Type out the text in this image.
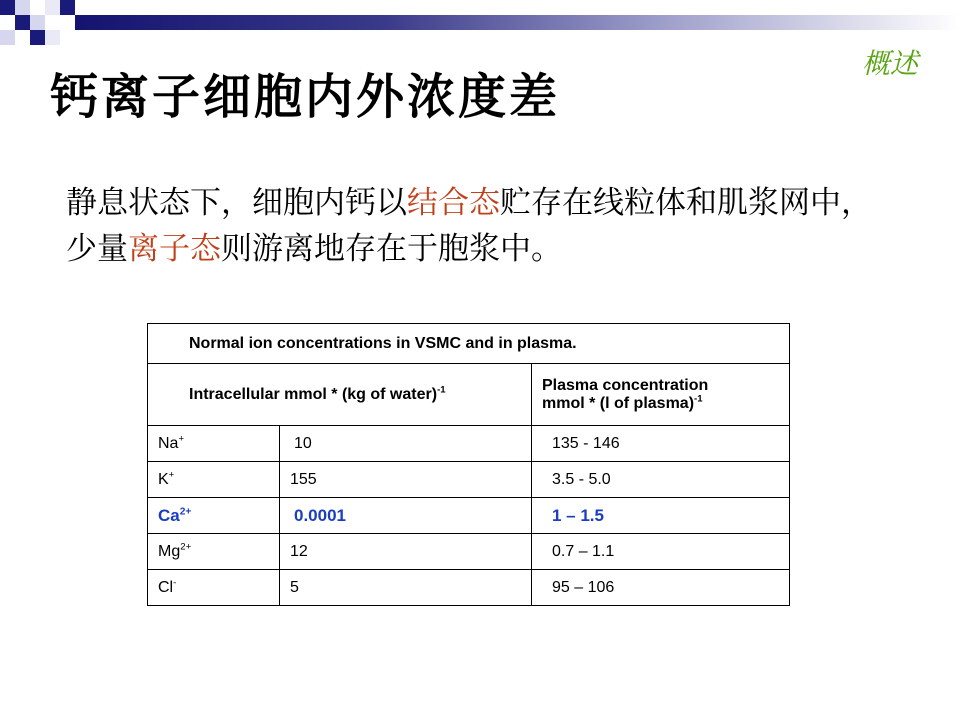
概述
钙离子细胞内外浓度差
静息状态下，细胞内钙以结合态贮存在线粒体和肌浆网中，少量离子态则游离地存在于胞浆中。
Normal ion concentrations in VSMC and in plasma.		
Intracellular mmol * (kg of water)$^{-1}$		Plasma concentration
mmol * (l of plasma)$^{-1}$
Na+	10	135 - 146
K+	155	3.5 - 5.0
$Ca^{2+}$	0.0001	1 – 1.5
$Mg^{2+}$	12	0.7 – 1.1
Cl-	5	95 – 106
